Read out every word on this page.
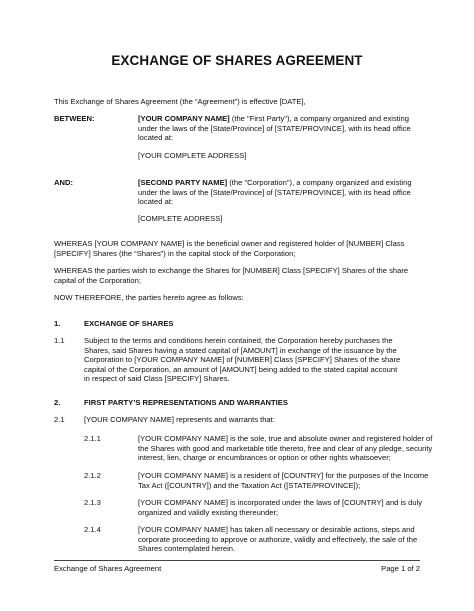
EXCHANGE OF SHARES AGREEMENT
This Exchange of Shares Agreement (the “Agreement”) is effective [DATE],
BETWEEN:	[YOUR COMPANY NAME] (the "First Party"), a company organized and existing
under the laws of the [State/Province] of [STATE/PROVINCE], with its head office
located at:
[YOUR COMPLETE ADDRESS]
AND:	[SECOND PARTY NAME] (the "Corporation"), a company organized and existing
under the laws of the [State/Province] of [STATE/PROVINCE], with its head office
located at:
[COMPLETE ADDRESS]
WHEREAS [YOUR COMPANY NAME] is the beneficial owner and registered holder of [NUMBER] Class
[SPECIFY] Shares (the “Shares”) in the capital stock of the Corporation;
WHEREAS the parties wish to exchange the Shares for [NUMBER] Class [SPECIFY] Shares of the share
capital of the Corporation;
NOW THEREFORE, the parties hereto agree as follows:
1.	EXCHANGE OF SHARES
1.1	Subject to the terms and conditions herein contained, the Corporation hereby purchases the
Shares, said Shares having a stated capital of [AMOUNT] in exchange of the issuance by the
Corporation to [YOUR COMPANY NAME] of [NUMBER] Class [SPECIFY] Shares of the share
capital of the Corporation, an amount of [AMOUNT] being added to the stated capital account
in respect of said Class [SPECIFY] Shares.
2.	FIRST PARTY’S REPRESENTATIONS AND WARRANTIES
2.1	[YOUR COMPANY NAME] represents and warrants that:
2.1.1	[YOUR COMPANY NAME] is the sole, true and absolute owner and registered holder of
the Shares with good and marketable title thereto, free and clear of any pledge, security
interest, lien, charge or encumbrances or option or other rights whatsoever;
2.1.2	[YOUR COMPANY NAME] is a resident of [COUNTRY] for the purposes of the Income
Tax Act ([COUNTRY]) and the Taxation Act ([STATE/PROVINCE]);
2.1.3	[YOUR COMPANY NAME] is incorporated under the laws of [COUNTRY] and is duly
organized and validly existing thereunder;
2.1.4	[YOUR COMPANY NAME] has taken all necessary or desirable actions, steps and
corporate proceeding to approve or authorize, validly and effectively, the sale of the
Shares contemplated herein.
Exchange of Shares Agreement	Page 1 of 2
